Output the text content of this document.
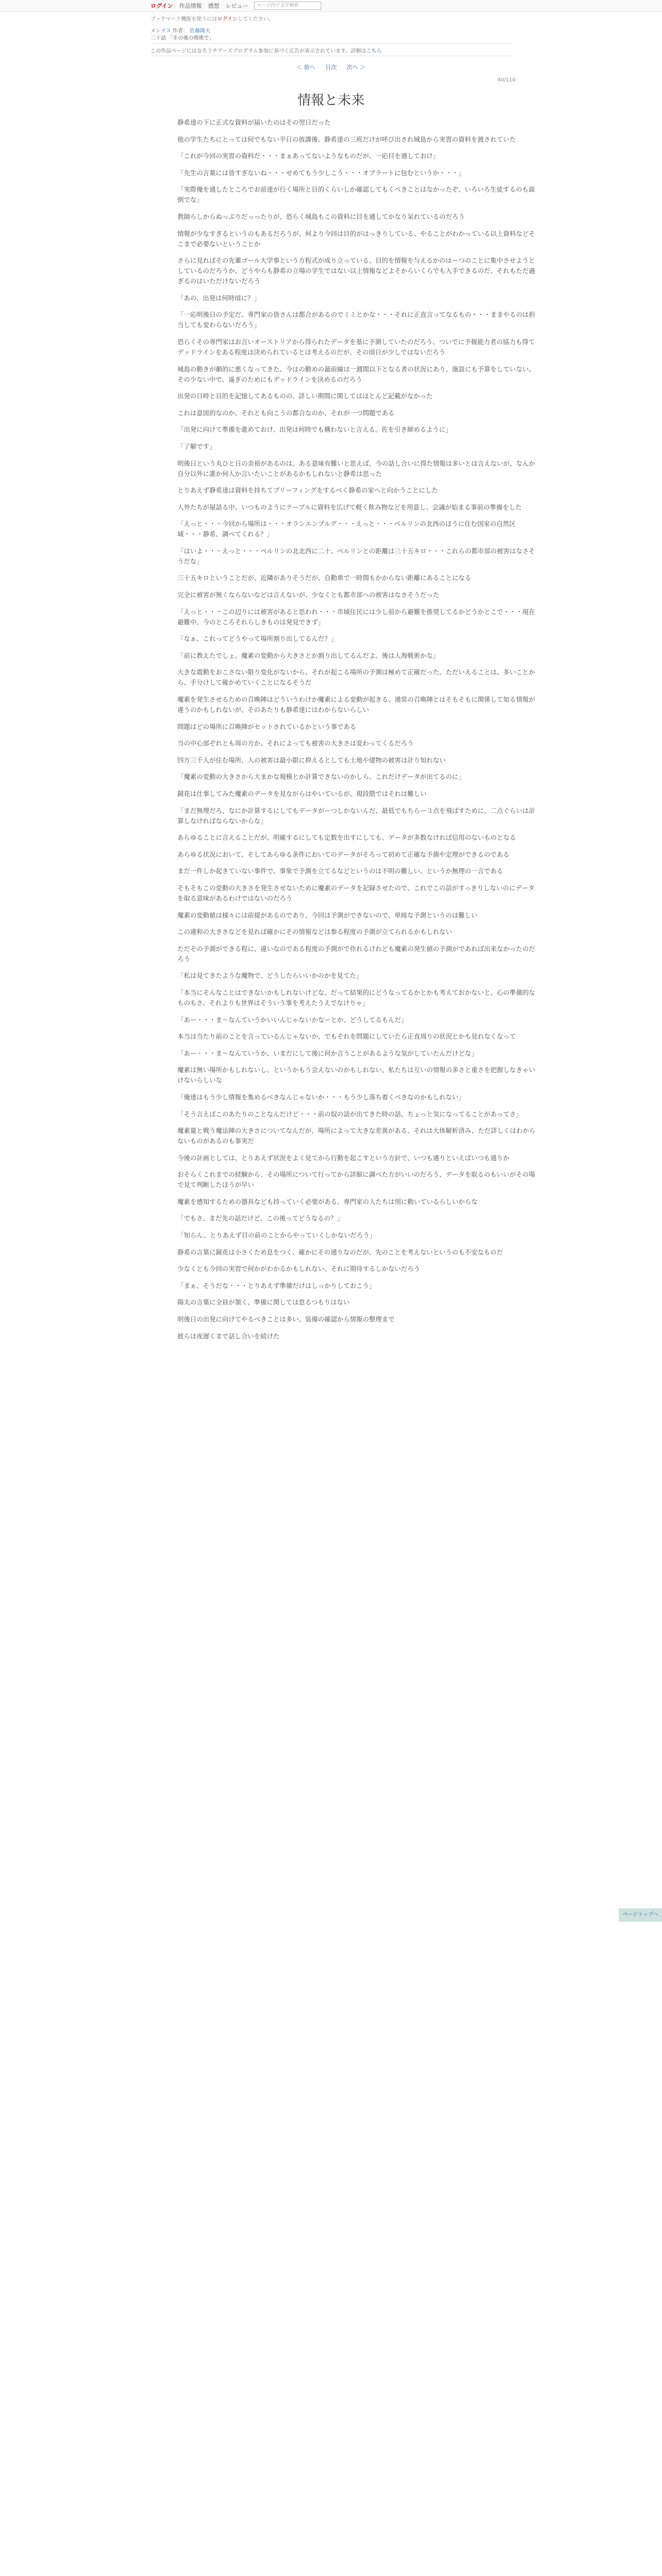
ログイン 作品情報 感想 レビュー	ページ内で文字検索
ブックマーク機能を使うにはログインしてください。
メンテス 作者： 佐藤隆夫
三十話 「その後の関係で」
この作品ページにはなろうチアーズプログラム参加に基づく広告が表示されています。詳細はこちら
＜ 前へ 目次 次へ ＞
40/110
情報と未来

静希達の下に正式な資料が届いたのはその翌日だった

他の学生たちにとっては何でもない平日の放課後、静希達の三班だけが呼び出され城島から実習の資料を渡されていた

「これが今回の実習の資料だ・・・まぁあってないようなものだが、一応目を通しておけ」

「先生の言葉には皆すぎないね・・・せめてもう少しこう・・・オブラートに包むというか・・・」

「実際俺を通したところでお前達が行く場所と目的くらいしか確認してもくべきことはなかったぞ、いろいろ生徒するのも面倒でな」

教師らしからぬっぷりだっったりが、恐らく城島もこの資料に目を通してかなり呆れているのだろう

情報が少なすぎるというのもあるだろうが、何より今回は目的がはっきりしている、やることがわかっている以上資料などそこまで必要ないということか

さらに見ればその先輩ゴール大学事という方程式が成り立っている、目的を情報を与えるかのはーつのことに集中させようとしているのだろうか、どうやらも静希の立場の学生ではない以上情報などよそからいくらでも入手できるのだ、それもただ過ぎるのはいただけないだろう

「あの、出発は何時頃に？」

「一応明後日の予定だ、専門家の皆さんは都合があるのでミミとかな・・・それに正直言ってなるもの・・・ままやるのは担当しても変わらないだろう」

恐らくその専門家はお言いオーストリアから得られたデータを基に予測していたのだろう、ついでに予報能力者の協力も得てデッドラインをある程度は決められているとは考えるのだが、その頃日が少しではないだろう

城島の勤きが劇的に悪くなってきた、今はの勤めの最前線は一週間以下となる者の状況にあり、施設にも予算をしていない、その少ない中で、遥ぎのためにもデッドラインを決めるのだろう

出発の日時と目的を記憶してあるものの、詳しい期間に関してはほとんど記載がなかった

これは意図的なのか、それとも向こうの都合なのか、それが一つ問題である

「出発に向けて準備を進めておけ、出発は何時でも構わないと言える。佐を引き締めるように」

「了解です」

明後日という丸ひと日の余裕があるのは、ある意味有難いと思えば、今の話し合いに得た情報は多いとは言えないが、なんか自分以外に誰か何人か言いたいことがあるかもしれないと静希は思った

とりあえず静希達は資料を持ちてブリーフィングをするべく静希の家へと向かうことにした

人外たちが屋話る中、いつものようにテーブルに資料を広げて軽く飲み物などを用意し、会議が始まる事前の準備をした

「えっと・・・今回から場所は・・・オランエンブルグ・・・えっと・・・ベルリンの北西のほうに住む国家の自然区域・・・静希、調べてくれる？」

「はいよ・・・えっと・・・ベルリンの北北西に二十、ベルリンとの距離は三十五キロ・・・これらの都市部の被害はなさそうだな」

三十五キロということだが、近隣がありそうだが、自動車で一時間もかからない距離にあることになる

完全に被害が無くならないなどは言えないが、少なくとも都市部への被害はなさそうだった

「えっと・・・この辺りには被害があると思われ・・・市域住民には少し前から避難を推奨してるかどうかとこで・・・現在避難中。今のところそれらしきものは発見できず」

「なぁ、これってどうやって場所割り出してるんだ？」

「前に教えたでしょ、魔素の変動から大きさとか割り出してるんだよ。後は人海戦術かな」

大きな震動をおこさない限り変化がないから、それが起こる場所の予測は極めて正確だった。ただいえることは、多いことから、手分けして確かめていくことになるそうだ

魔素を発生させるための召喚陣はどういうわけか魔素による変動が起きる、通常の召喚陣とはそもそもに関係して知る情報が違うのかもしれないが、そのあたりも静希達にはわからないらしい

問題はどの場所に召喚陣がセットされているかという事である

当の中心部ぞれとも周の方か、それによっても被害の大きさは変わってくるだろう

四方三千人が住む場所、人の被害は最小限に抑えるとしても土地や建物の被害は計り知れない

「魔素の変動の大きさから大まかな規模とか計算できないのかしら、これだけデータが出てるのに」

鏡花は仕事してみた魔素のデータを見ながらはやいているが、現段階ではそれは難しい

「まだ無理だろ、なにか計算するにしてもデータがーつしかないんだ、最低でもちらー３点を飛ばすために、二点ぐらいは計算しなければならないからな」

あらゆることに言えることだが、明確するにしても定数を出すにしても、データが多数なければ信用のないものとなる

あらゆる状況において、そしてあらゆる条件においてのデータがそろって初めて正確な予測や定理ができるのである

まだ一件しか起きていない事件で、事象で予測を立てるなどというのは不明の難しい、というか無理の一言である

そもそもこの変動の大きさを発生させないために魔素のデータを記録させたので、これでこの話がすっきりしないのにデータを取る意味があるわけではないのだろう

魔素の変動値は様々には前提があるのであり、今回は予測ができないので、単純な予測というのは難しい

この違和の大きさなどを見れば確かにその情報などは参る程度の予測が立てられるかもしれない

ただその予測ができる程に、違いなのである程度の予測がで作れるけれども魔素の発生値の予測がであれば出来なかったのだろう

「私は見てきたような魔物で、どうしたらいいかのかを見てた」

「本当にそんなことはできないかもしれないけどな、だって結果的にどうなってるかとかも考えておかないと、心の準備的なものもさ、それよりも世界はそういう事を考えたうえでなけりゃ」

「あー・・・ま〜なんていうかいいんじゃないかなーとか、どうしてるもんだ」

本当は当たり前のことを言っているんじゃないか、でもそれを問題にしていたら正直周りの状況とかも見れなくなって

「あー・・・ま〜なんていうか、いまだにして後に何か言うことがあるような気がしていたんだけどな」

魔素は無い場所かもしれないし、というかもう会えないのかもしれない、私たちは互いの情報の多さと重さを把握しなきゃいけないらしいな

「俺達はもう少し情報を集めるべきなんじゃないか・・・もう少し落ち着くべきなのかもしれない」

「そう言えばこのあたりのことなんだけど・・・前の奴の話が出てきた時の話、ちょっと気になってることがあってさ」

魔素量と戦う魔法陣の大きさについてなんだが、場所によって大きな差異がある、それは大体解析済み、ただ詳しくはわからないものがあるのも事実だ

今後の計画としては、とりあえず状況をよく見てから行動を起こすという方針で、いつも通りといえばいつも通りか

おそらくこれまでの経験から、その場所について行ってから詳細に調べた方がいいのだろう、データを取るのもいいがその場で見て判断したほうが早い

魔素を感知するための器具なども持っていく必要がある、専門家の人たちは別に動いているらしいからな

「でもさ、まだ先の話だけど、この後ってどうなるの？」

「知らん、とりあえず目の前のことからやっていくしかないだろう」

静希の言葉に鏡花は小さくため息をつく、確かにその通りなのだが、先のことを考えないというのも不安なものだ

少なくとも今回の実習で何かがわかるかもしれない、それに期待するしかないだろう

「まぁ、そうだな・・・とりあえず準備だけはしっかりしておこう」

陽太の言葉に全員が頷く、準備に関しては怠るつもりはない

明後日の出発に向けてやるべきことは多い、装備の確認から情報の整理まで

彼らは夜遅くまで話し合いを続けた

ページトップへ
